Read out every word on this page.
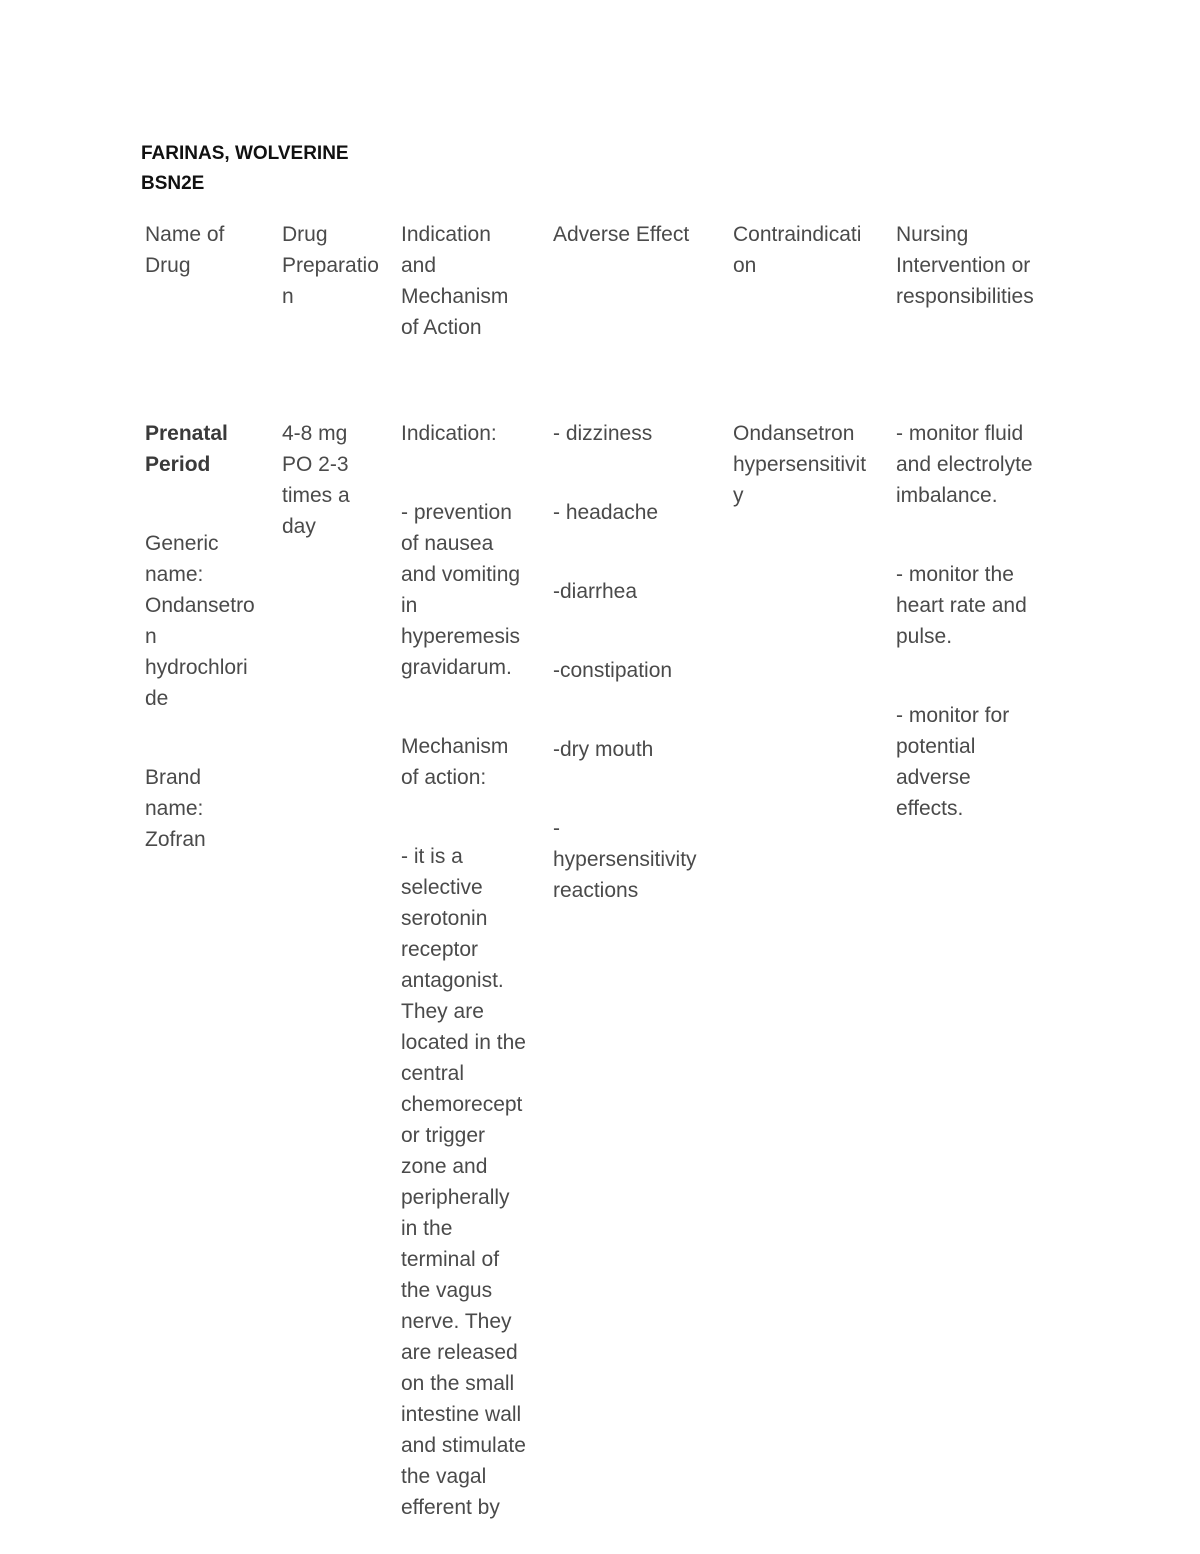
FARINAS, WOLVERINE
BSN2E
Name of
Drug
Drug
Preparatio
n
Indication
and
Mechanism
of Action
Adverse Effect	Contraindicati
on
Nursing
Intervention or
responsibilities

Prenatal
Period

Generic
name:
Ondansetro
n
hydrochlori
de

Brand
name:
Zofran

4-8 mg
PO 2-3
times a
day

Indication:

- prevention
of nausea
and vomiting
in
hyperemesis
gravidarum.

Mechanism
of action:

- it is a
selective
serotonin
receptor
antagonist.
They are
located in the
central
chemorecept
or trigger
zone and
peripherally
in the
terminal of
the vagus
nerve. They
are released
on the small
intestine wall
and stimulate
the vagal
efferent by

- dizziness

- headache

-diarrhea

-constipation

-dry mouth

-
hypersensitivity
reactions

Ondansetron
hypersensitivit
y

- monitor fluid
and electrolyte
imbalance.

- monitor the
heart rate and
pulse.

- monitor for
potential
adverse
effects.
